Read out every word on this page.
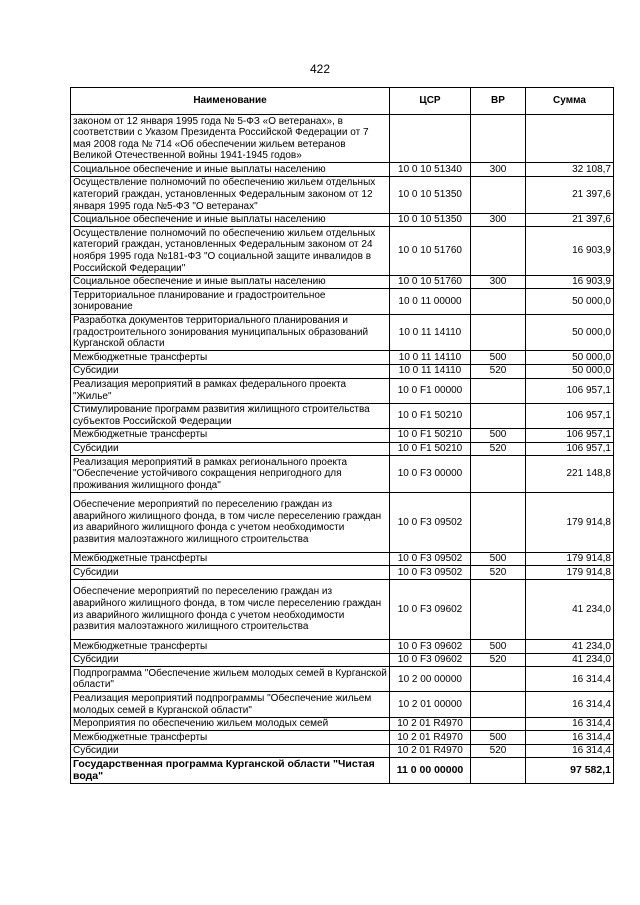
422
Наименование	ЦСР	ВР	Сумма
законом от 12 января 1995 года № 5-ФЗ «О ветеранах», в соответствии с Указом Президента Российской Федерации от 7 мая 2008 года № 714 «Об обеспечении жильем ветеранов Великой Отечественной войны 1941-1945 годов»			
Социальное обеспечение и иные выплаты населению	10 0 10 51340	300	32 108,7
Осуществление полномочий по обеспечению жильем отдельных категорий граждан, установленных Федеральным законом от 12 января 1995 года №5-ФЗ "О ветеранах"	10 0 10 51350		21 397,6
Социальное обеспечение и иные выплаты населению	10 0 10 51350	300	21 397,6
Осуществление полномочий по обеспечению жильем отдельных категорий граждан, установленных Федеральным законом от 24 ноября 1995 года №181-ФЗ "О социальной защите инвалидов в Российской Федерации"	10 0 10 51760		16 903,9
Социальное обеспечение и иные выплаты населению	10 0 10 51760	300	16 903,9
Территориальное планирование и градостроительное зонирование	10 0 11 00000		50 000,0
Разработка документов территориального планирования и градостроительного зонирования муниципальных образований Курганской области	10 0 11 14110		50 000,0
Межбюджетные трансферты	10 0 11 14110	500	50 000,0
Субсидии	10 0 11 14110	520	50 000,0
Реализация мероприятий в рамках федерального проекта "Жилье"	10 0 F1 00000		106 957,1
Стимулирование программ развития жилищного строительства субъектов Российской Федерации	10 0 F1 50210		106 957,1
Межбюджетные трансферты	10 0 F1 50210	500	106 957,1
Субсидии	10 0 F1 50210	520	106 957,1
Реализация мероприятий в рамках регионального проекта "Обеспечение устойчивого сокращения непригодного для проживания жилищного фонда"	10 0 F3 00000		221 148,8
Обеспечение мероприятий по переселению граждан из аварийного жилищного фонда, в том числе переселению граждан из аварийного жилищного фонда с учетом необходимости развития малоэтажного жилищного строительства	10 0 F3 09502		179 914,8
Межбюджетные трансферты	10 0 F3 09502	500	179 914,8
Субсидии	10 0 F3 09502	520	179 914,8
Обеспечение мероприятий по переселению граждан из аварийного жилищного фонда, в том числе переселению граждан из аварийного жилищного фонда с учетом необходимости развития малоэтажного жилищного строительства	10 0 F3 09602		41 234,0
Межбюджетные трансферты	10 0 F3 09602	500	41 234,0
Субсидии	10 0 F3 09602	520	41 234,0
Подпрограмма "Обеспечение жильем молодых семей в Курганской области"	10 2 00 00000		16 314,4
Реализация мероприятий подпрограммы "Обеспечение жильем молодых семей в Курганской области"	10 2 01 00000		16 314,4
Мероприятия по обеспечению жильем молодых семей	10 2 01 R4970		16 314,4
Межбюджетные трансферты	10 2 01 R4970	500	16 314,4
Субсидии	10 2 01 R4970	520	16 314,4
Государственная программа Курганской области "Чистая вода"	11 0 00 00000		97 582,1
